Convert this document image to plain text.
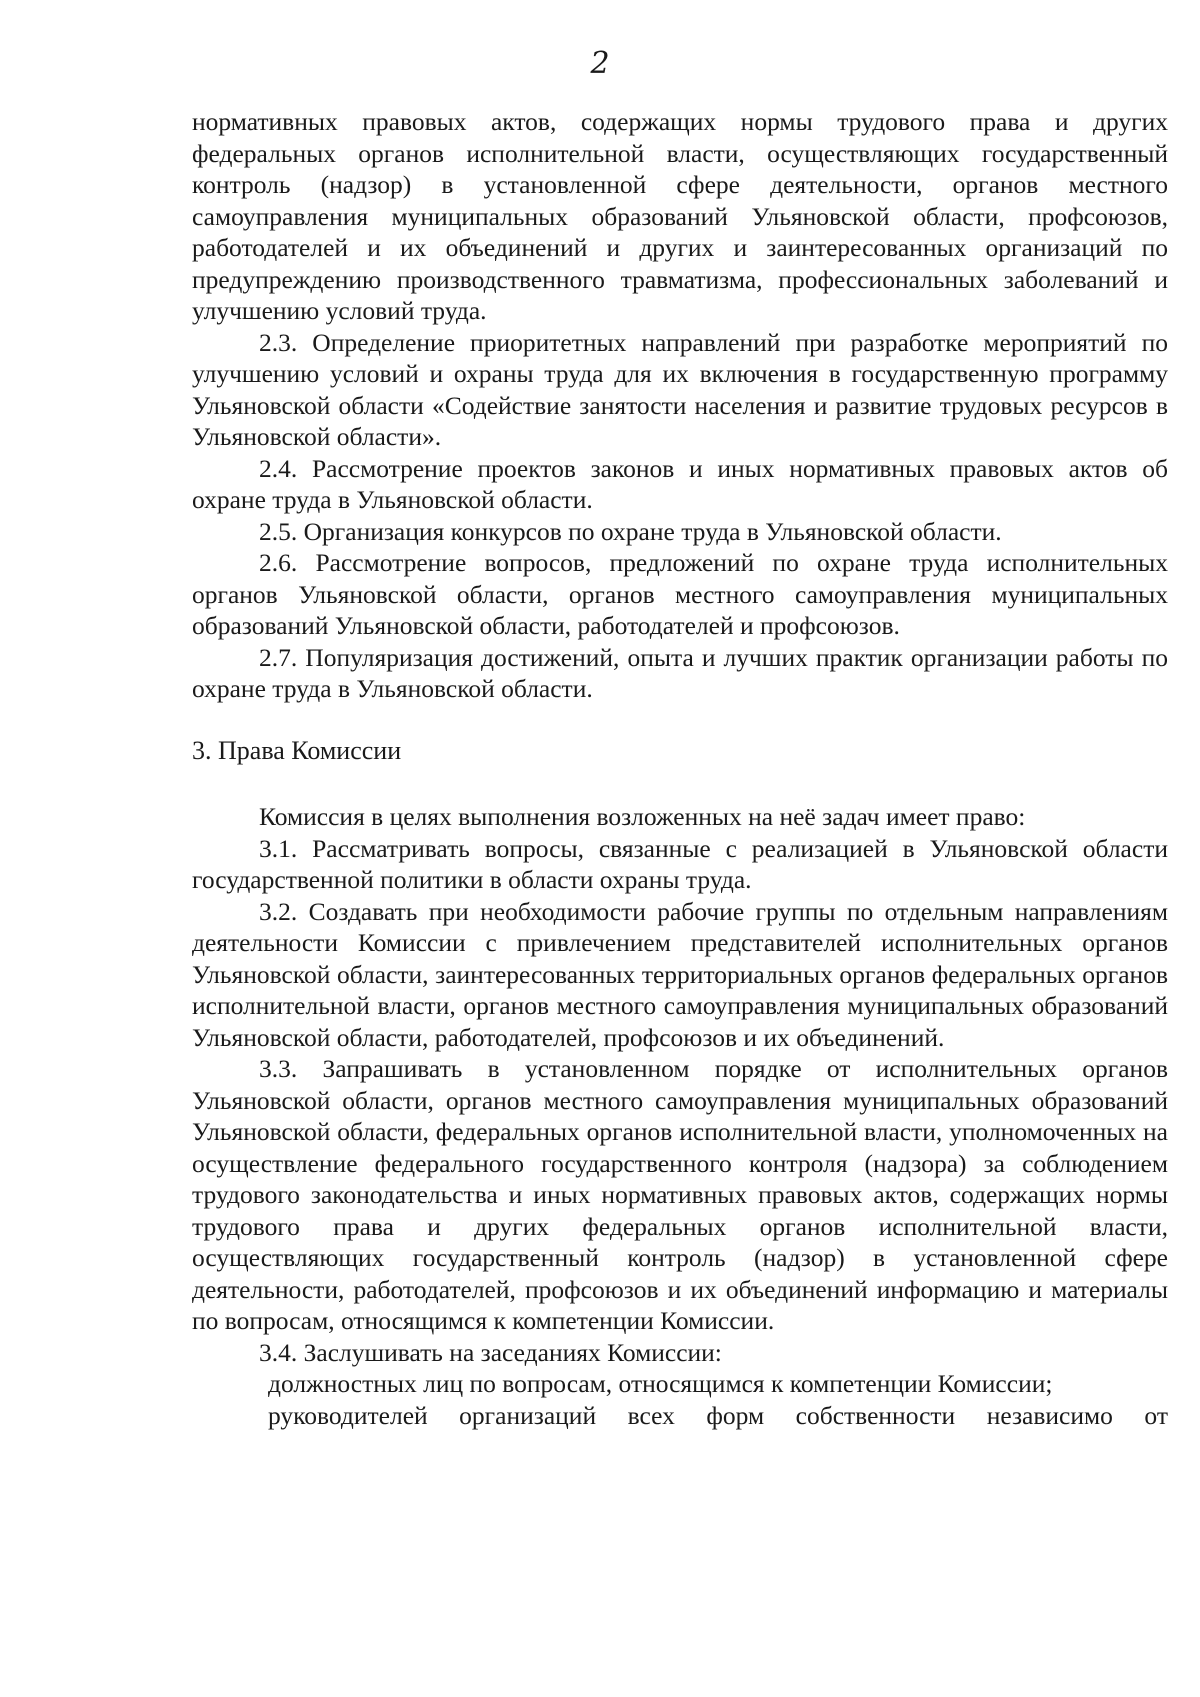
2

нормативных правовых актов, содержащих нормы трудового права и других федеральных органов исполнительной власти, осуществляющих государственный контроль (надзор) в установленной сфере деятельности, органов местного самоуправления муниципальных образований Ульяновской области, профсоюзов, работодателей и их объединений и других и заинтересованных организаций по предупреждению производственного травматизма, профессиональных заболеваний и улучшению условий труда.

2.3. Определение приоритетных направлений при разработке мероприятий по улучшению условий и охраны труда для их включения в государственную программу Ульяновской области «Содействие занятости населения и развитие трудовых ресурсов в Ульяновской области».

2.4. Рассмотрение проектов законов и иных нормативных правовых актов об охране труда в Ульяновской области.

2.5. Организация конкурсов по охране труда в Ульяновской области.

2.6. Рассмотрение вопросов, предложений по охране труда исполнительных органов Ульяновской области, органов местного самоуправления муниципальных образований Ульяновской области, работодателей и профсоюзов.

2.7. Популяризация достижений, опыта и лучших практик организации работы по охране труда в Ульяновской области.

3. Права Комиссии

Комиссия в целях выполнения возложенных на неё задач имеет право:

3.1. Рассматривать вопросы, связанные с реализацией в Ульяновской области государственной политики в области охраны труда.

3.2. Создавать при необходимости рабочие группы по отдельным направлениям деятельности Комиссии с привлечением представителей исполнительных органов Ульяновской области, заинтересованных территориальных органов федеральных органов исполнительной власти, органов местного самоуправления муниципальных образований Ульяновской области, работодателей, профсоюзов и их объединений.

3.3. Запрашивать в установленном порядке от исполнительных органов Ульяновской области, органов местного самоуправления муниципальных образований Ульяновской области, федеральных органов исполнительной власти, уполномоченных на осуществление федерального государственного контроля (надзора) за соблюдением трудового законодательства и иных нормативных правовых актов, содержащих нормы трудового права и других федеральных органов исполнительной власти, осуществляющих государственный контроль (надзор) в установленной сфере деятельности, работодателей, профсоюзов и их объединений информацию и материалы по вопросам, относящимся к компетенции Комиссии.

3.4. Заслушивать на заседаниях Комиссии:

должностных лиц по вопросам, относящимся к компетенции Комиссии;

руководителей организаций всех форм собственности независимо от
